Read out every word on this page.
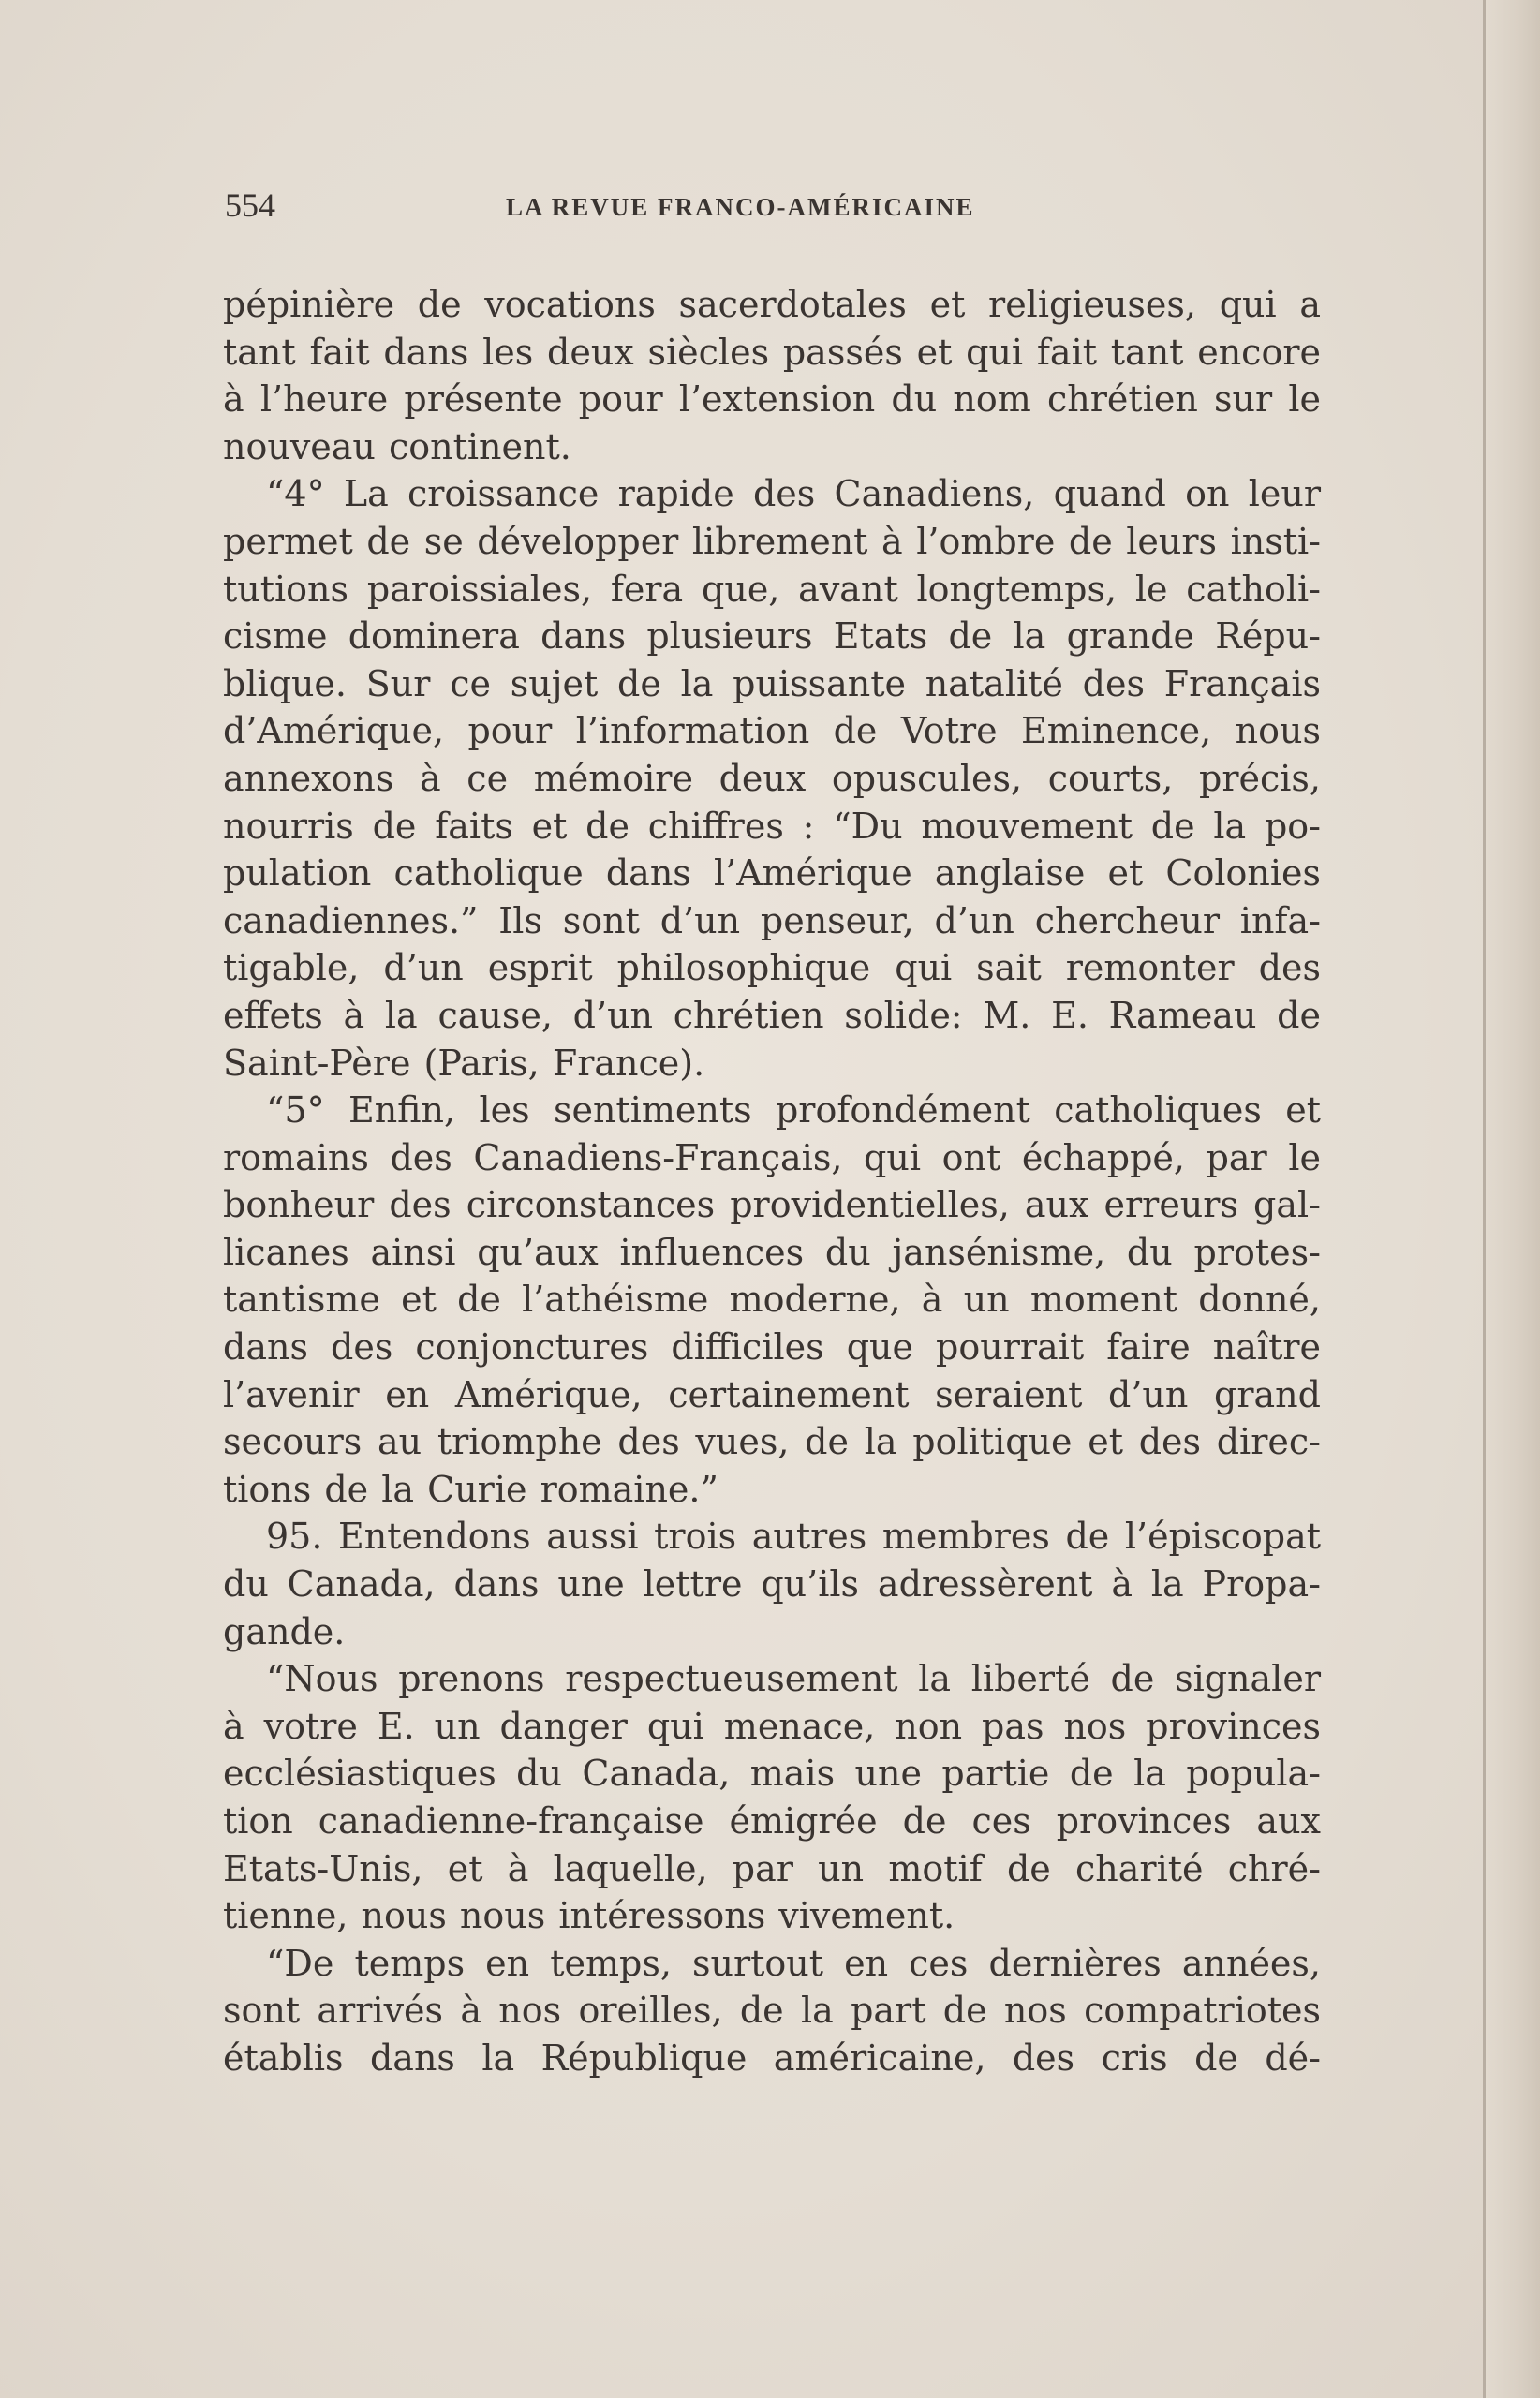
554	LA REVUE FRANCO-AMÉRICAINE
pépinière de vocations sacerdotales et religieuses, qui a
tant fait dans les deux siècles passés et qui fait tant encore
à l’heure présente pour l’extension du nom chrétien sur le
nouveau continent.
“4° La croissance rapide des Canadiens, quand on leur
permet de se développer librement à l’ombre de leurs insti-
tutions paroissiales, fera que, avant longtemps, le catholi-
cisme dominera dans plusieurs Etats de la grande Répu-
blique. Sur ce sujet de la puissante natalité des Français
d’Amérique, pour l’information de Votre Eminence, nous
annexons à ce mémoire deux opuscules, courts, précis,
nourris de faits et de chiffres : “Du mouvement de la po-
pulation catholique dans l’Amérique anglaise et Colonies
canadiennes.” Ils sont d’un penseur, d’un chercheur infa-
tigable, d’un esprit philosophique qui sait remonter des
effets à la cause, d’un chrétien solide: M. E. Rameau de
Saint-Père (Paris, France).
“5° Enfin, les sentiments profondément catholiques et
romains des Canadiens-Français, qui ont échappé, par le
bonheur des circonstances providentielles, aux erreurs gal-
licanes ainsi qu’aux influences du jansénisme, du protes-
tantisme et de l’athéisme moderne, à un moment donné,
dans des conjonctures difficiles que pourrait faire naître
l’avenir en Amérique, certainement seraient d’un grand
secours au triomphe des vues, de la politique et des direc-
tions de la Curie romaine.”
95. Entendons aussi trois autres membres de l’épiscopat
du Canada, dans une lettre qu’ils adressèrent à la Propa-
gande.
“Nous prenons respectueusement la liberté de signaler
à votre E. un danger qui menace, non pas nos provinces
ecclésiastiques du Canada, mais une partie de la popula-
tion canadienne-française émigrée de ces provinces aux
Etats-Unis, et à laquelle, par un motif de charité chré-
tienne, nous nous intéressons vivement.
“De temps en temps, surtout en ces dernières années,
sont arrivés à nos oreilles, de la part de nos compatriotes
établis dans la République américaine, des cris de dé-
